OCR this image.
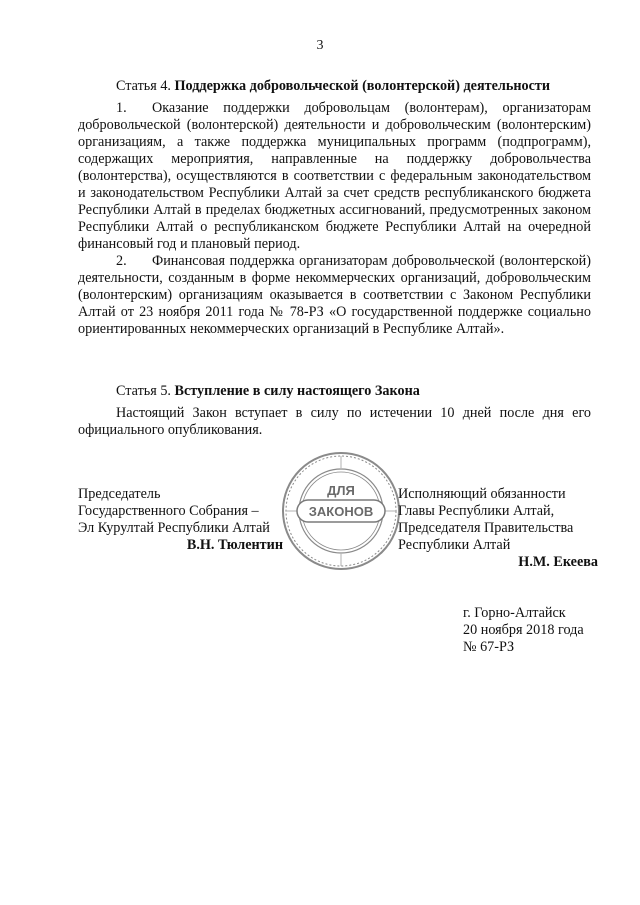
3

Статья 4. Поддержка добровольческой (волонтерской) деятельности

1. Оказание поддержки добровольцам (волонтерам), организаторам добровольческой (волонтерской) деятельности и добровольческим (волонтерским) организациям, а также поддержка муниципальных программ (подпрограмм), содержащих мероприятия, направленные на поддержку добровольчества (волонтерства), осуществляются в соответствии с федеральным законодательством и законодательством Республики Алтай за счет средств республиканского бюджета Республики Алтай в пределах бюджетных ассигнований, предусмотренных законом Республики Алтай о республиканском бюджете Республики Алтай на очередной финансовый год и плановый период.

2. Финансовая поддержка организаторам добровольческой (волонтерской) деятельности, созданным в форме некоммерческих организаций, добровольческим (волонтерским) организациям оказывается в соответствии с Законом Республики Алтай от 23 ноября 2011 года № 78-РЗ «О государственной поддержке социально ориентированных некоммерческих организаций в Республике Алтай».

Статья 5. Вступление в силу настоящего Закона

Настоящий Закон вступает в силу по истечении 10 дней после дня его официального опубликования.

ДЛЯ
ЗАКОНОВ
Председатель
Государственного Собрания –
Эл Курултай Республики Алтай
В.Н. Тюлентин
Исполняющий обязанности
Главы Республики Алтай,
Председателя Правительства
Республики Алтай
Н.М. Екеева
г. Горно-Алтайск
20 ноября 2018 года
№ 67-РЗ
